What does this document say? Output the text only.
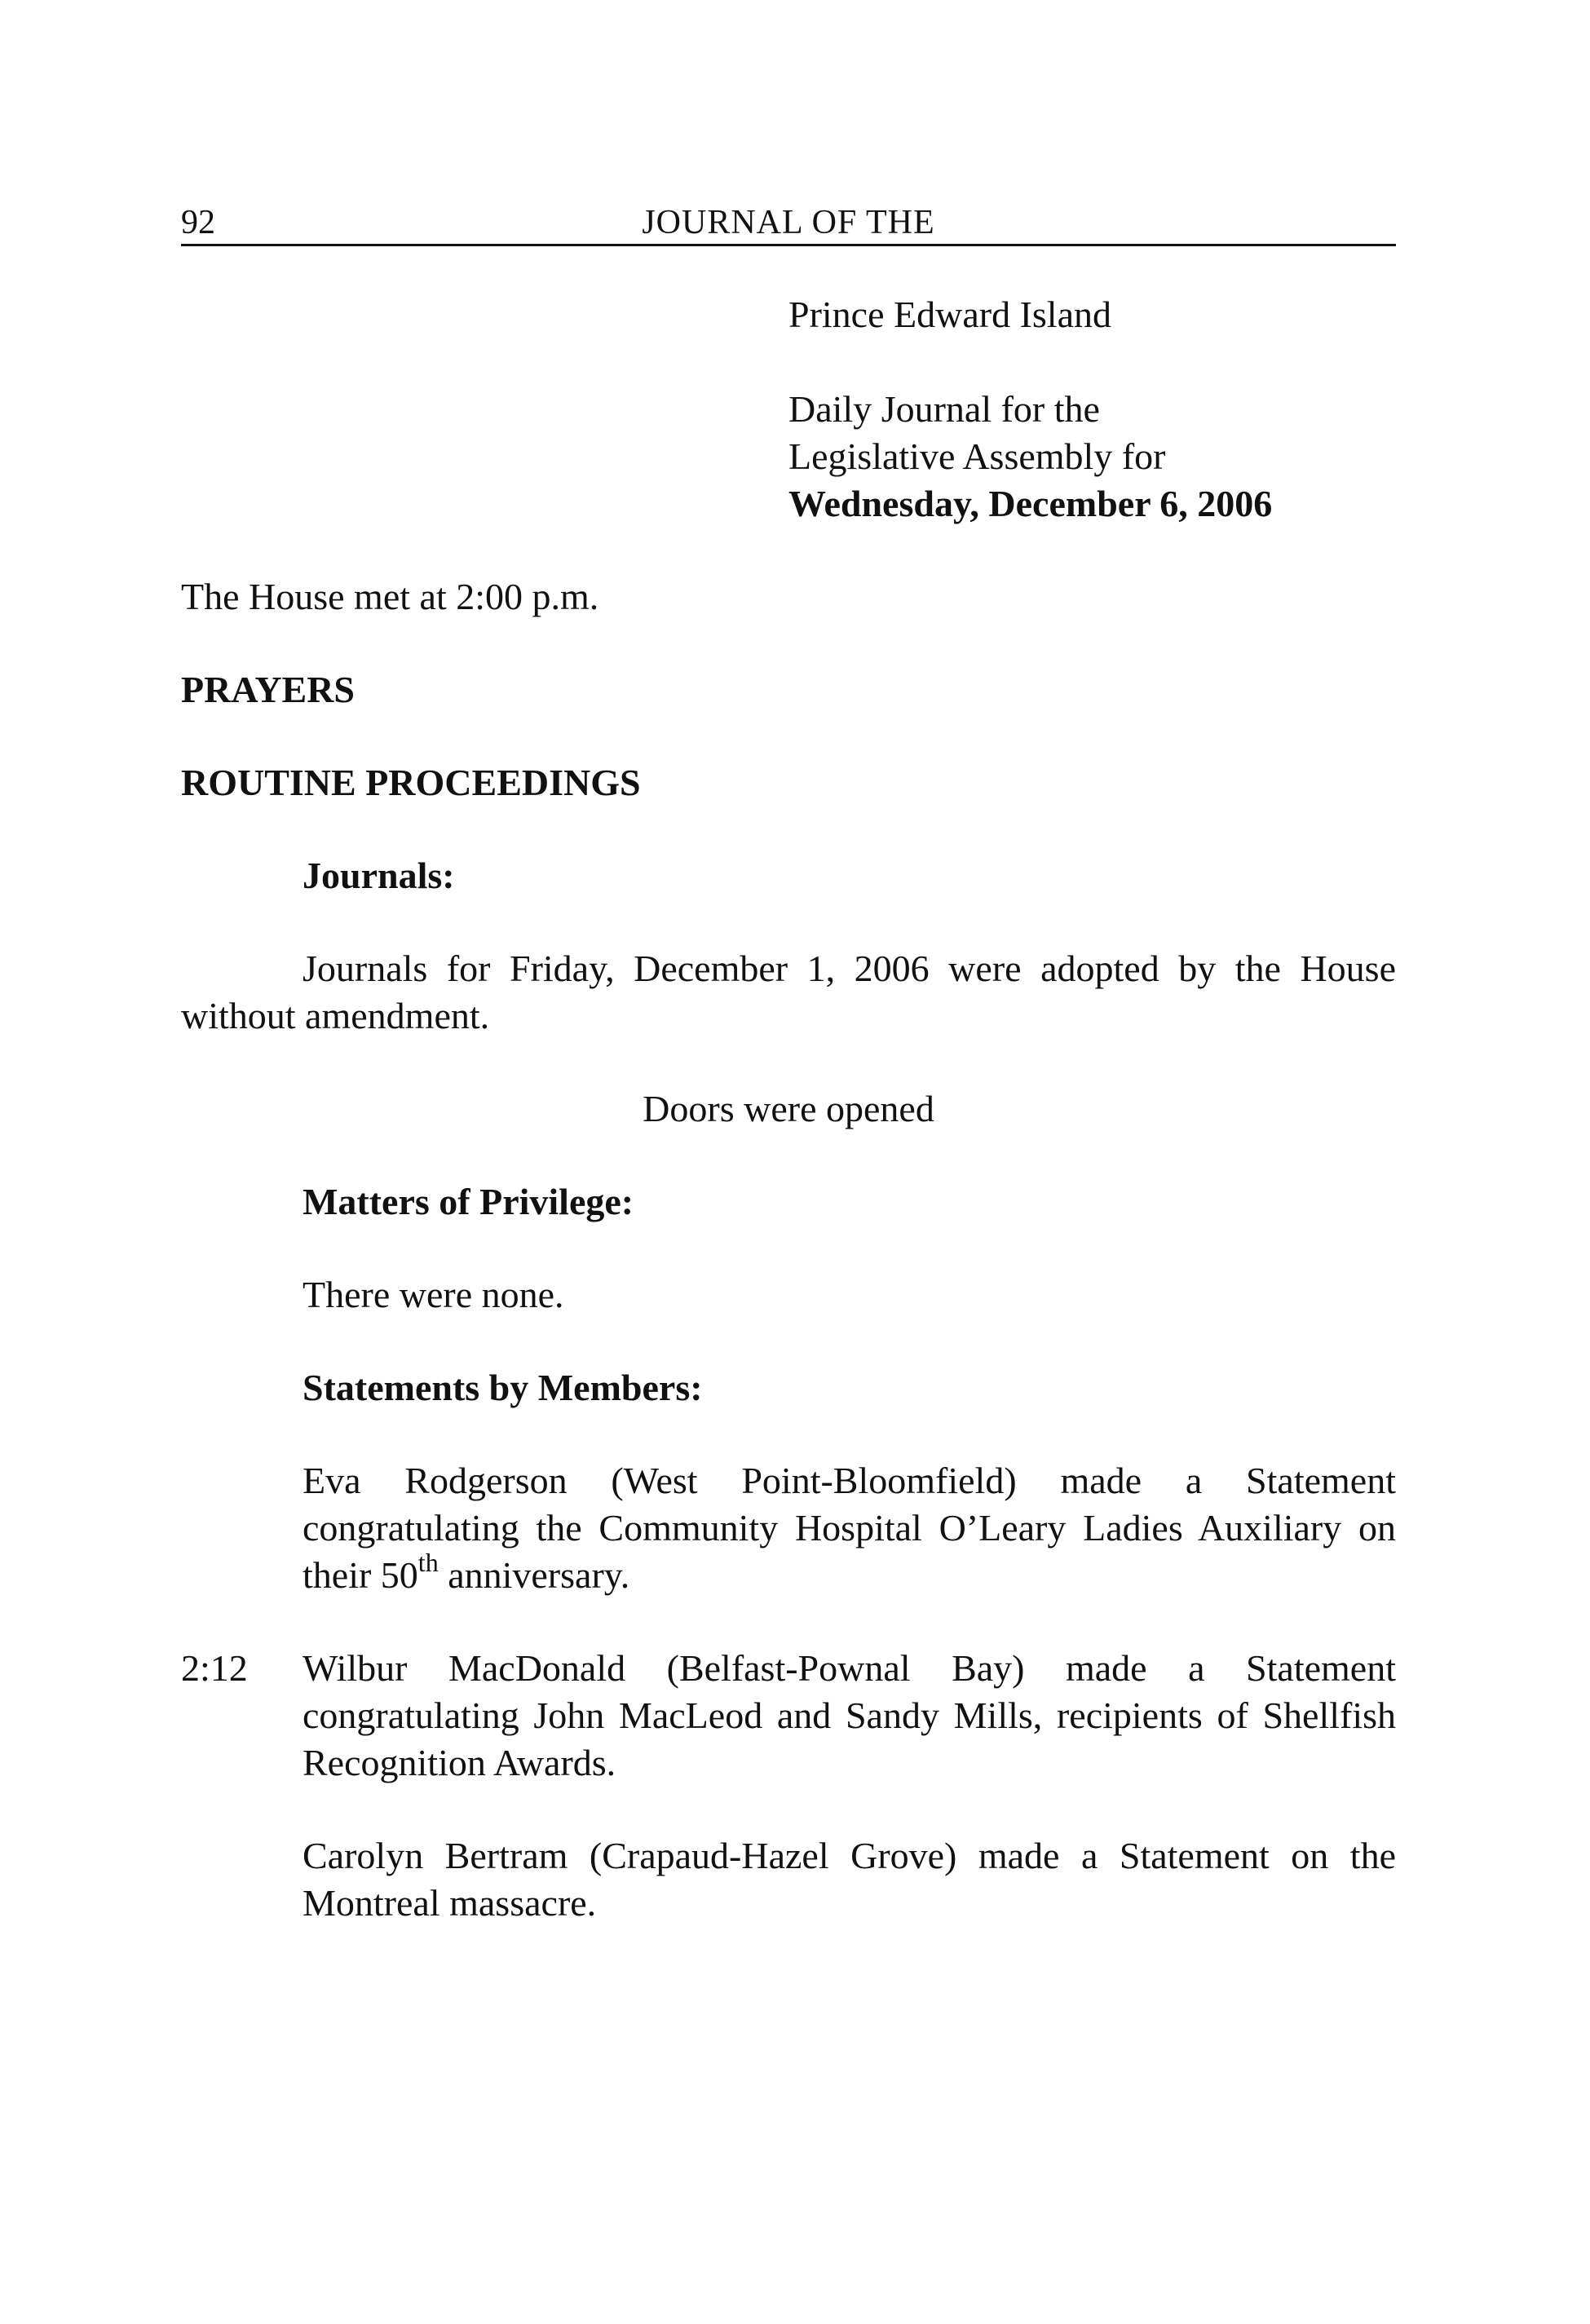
92	JOURNAL OF THE
Prince Edward Island
Daily Journal for the
Legislative Assembly for
Wednesday, December 6, 2006

The House met at 2:00 p.m.

PRAYERS

ROUTINE PROCEEDINGS

Journals:

Journals for Friday, December 1, 2006 were adopted by the House without amendment.

Doors were opened

Matters of Privilege:

There were none.

Statements by Members:

Eva Rodgerson (West Point-Bloomfield) made a Statement congratulating the Community Hospital O’Leary Ladies Auxiliary on their 50th anniversary.

2:12 Wilbur MacDonald (Belfast-Pownal Bay) made a Statement congratulating John MacLeod and Sandy Mills, recipients of Shellfish Recognition Awards.

Carolyn Bertram (Crapaud-Hazel Grove) made a Statement on the Montreal massacre.
